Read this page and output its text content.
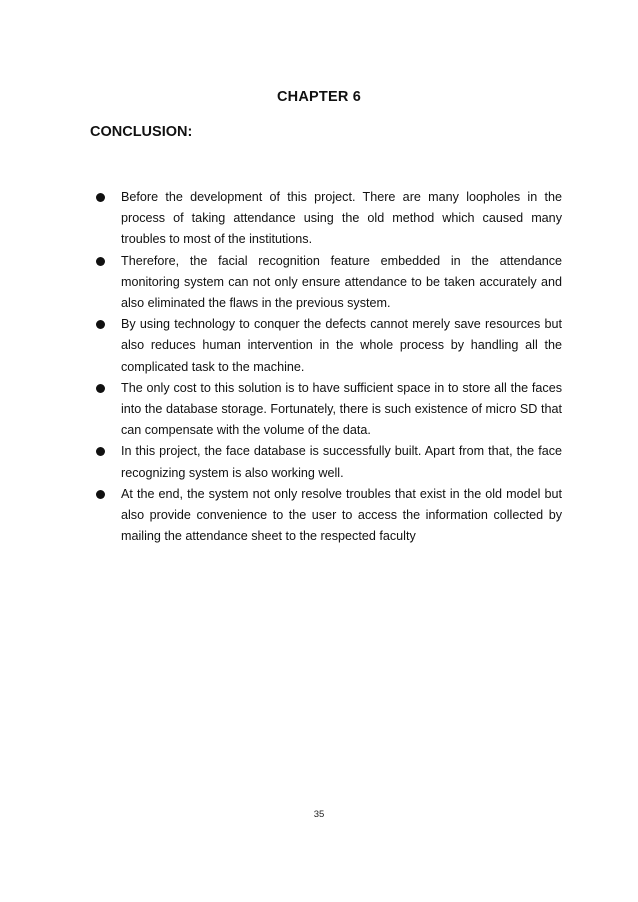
CHAPTER 6
CONCLUSION:
Before the development of this project. There are many loopholes in the process of taking attendance using the old method which caused many troubles to most of the institutions.
Therefore, the facial recognition feature embedded in the attendance monitoring system can not only ensure attendance to be taken accurately and also eliminated the flaws in the previous system.
By using technology to conquer the defects cannot merely save resources but also reduces human intervention in the whole process by handling all the complicated task to the machine.
The only cost to this solution is to have sufficient space in to store all the faces into the database storage. Fortunately, there is such existence of micro SD that can compensate with the volume of the data.
In this project, the face database is successfully built. Apart from that, the face recognizing system is also working well.
At the end, the system not only resolve troubles that exist in the old model but also provide convenience to the user to access the information collected by mailing the attendance sheet to the respected faculty
35
